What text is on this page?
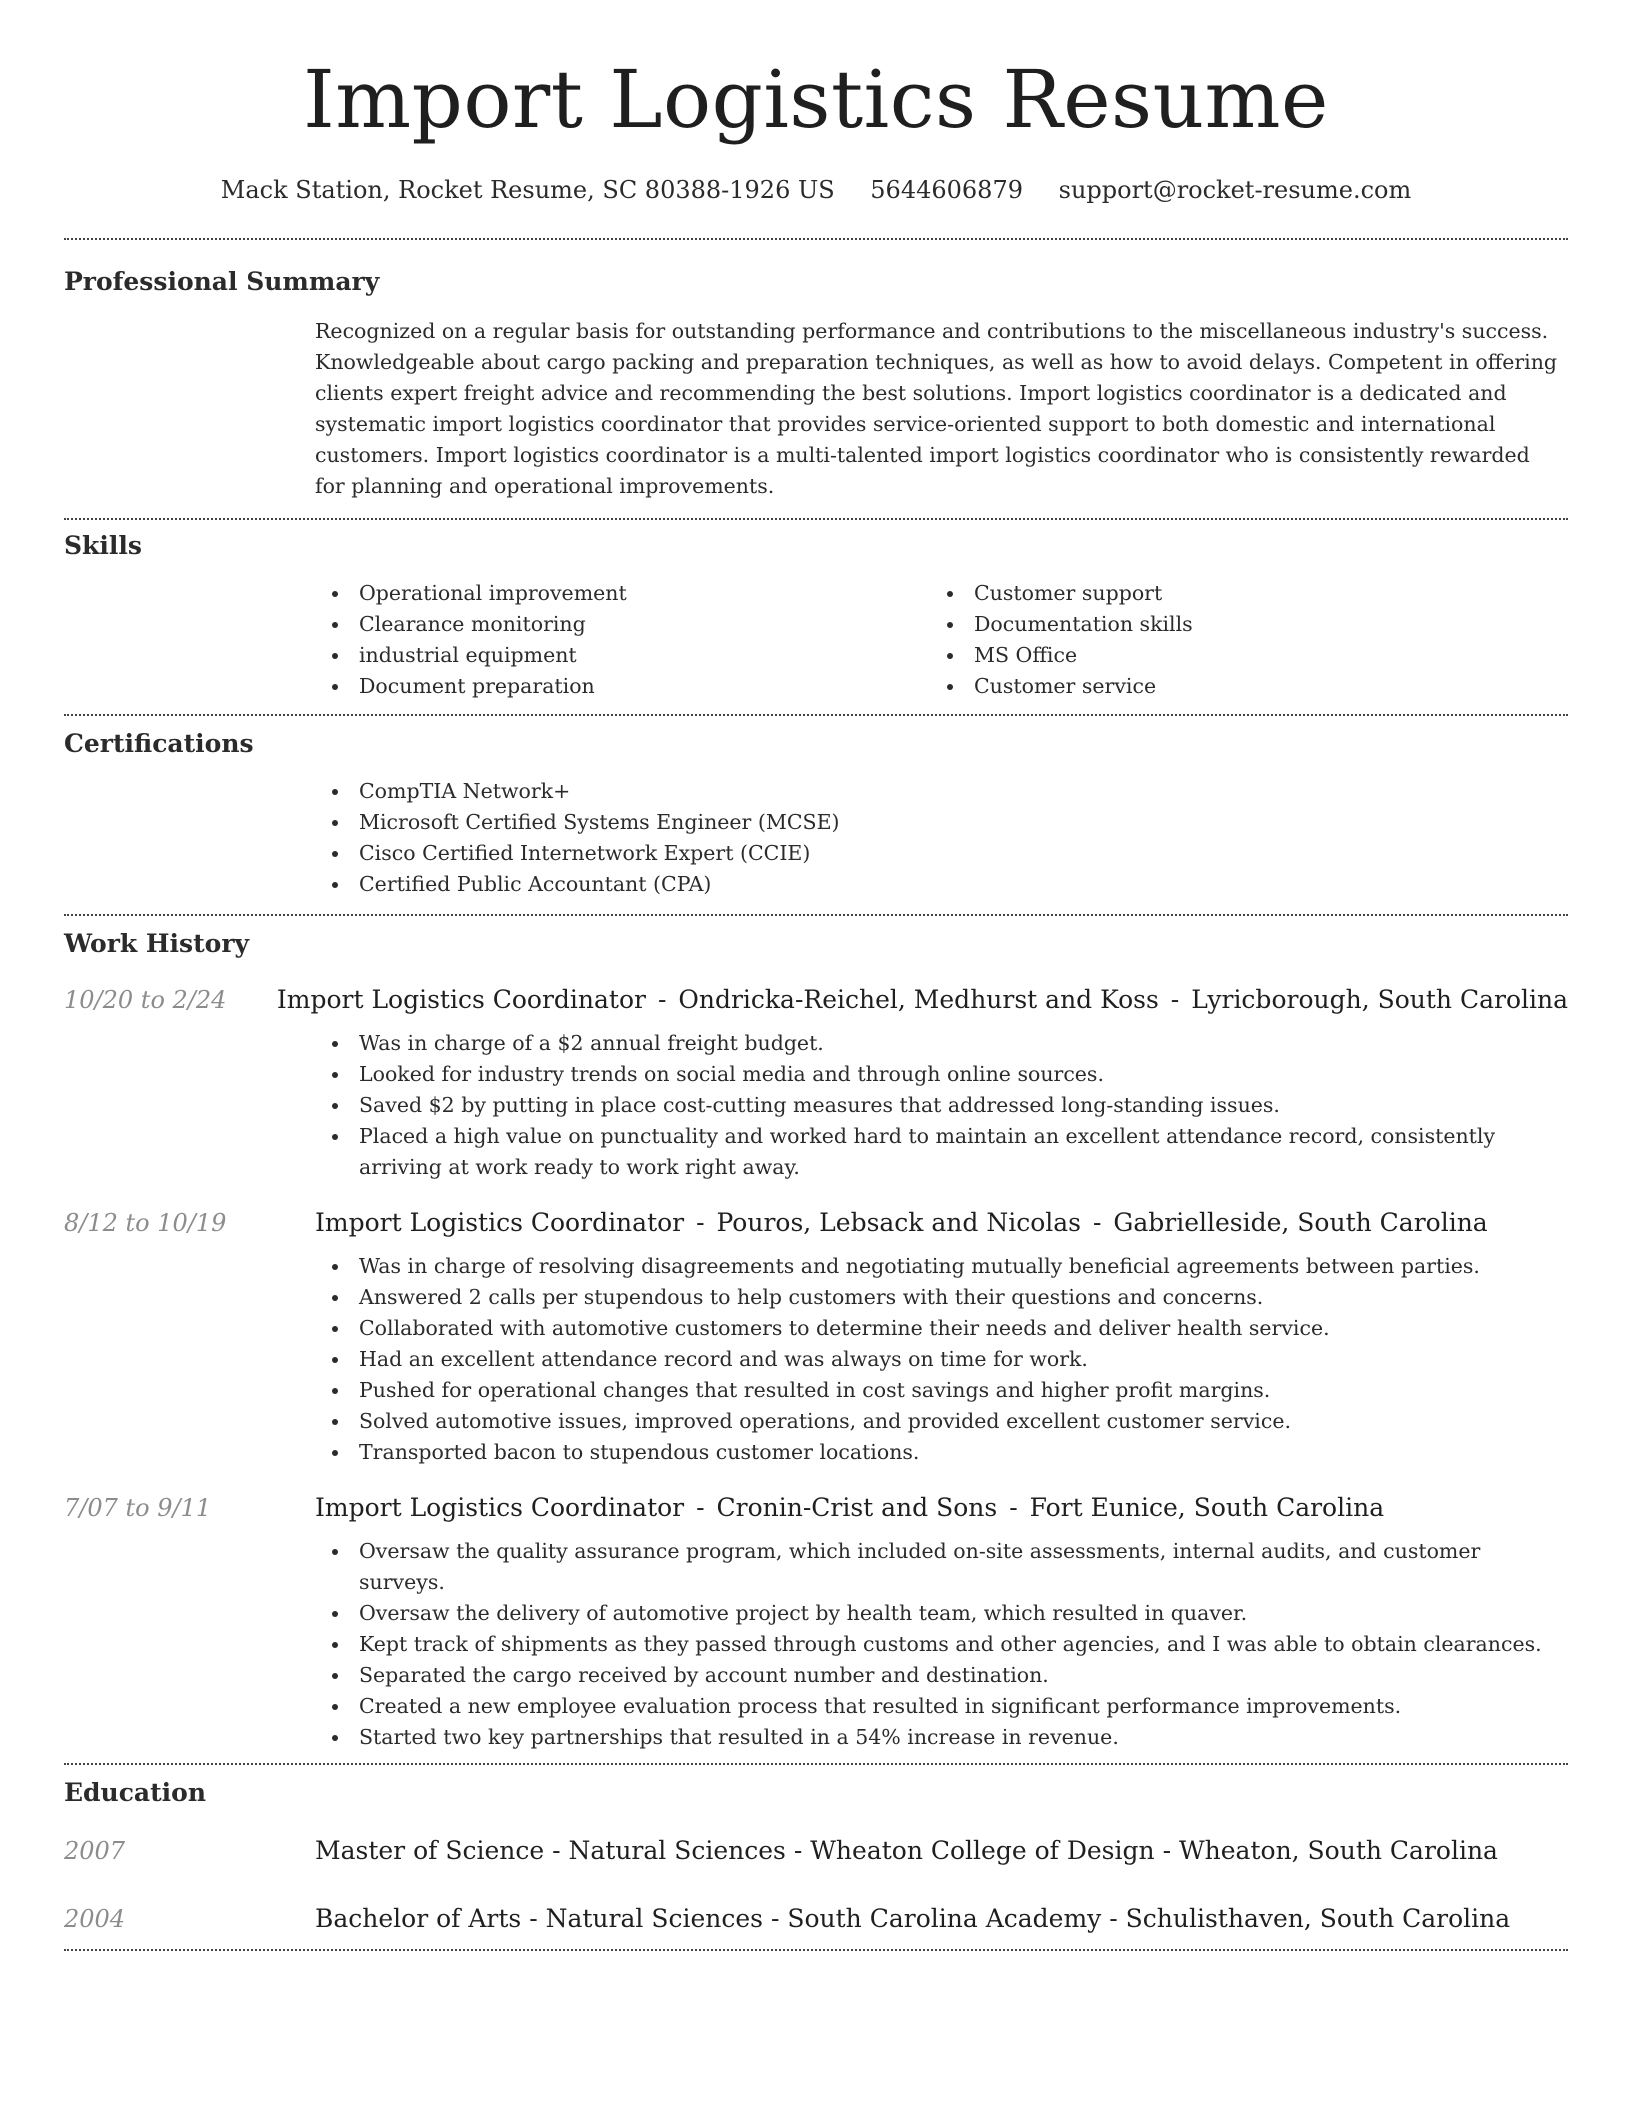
Import Logistics Resume
Mack Station, Rocket Resume, SC 80388-1926 US 5644606879 support@rocket-resume.com
Professional Summary

Recognized on a regular basis for outstanding performance and contributions to the miscellaneous industry's success. Knowledgeable about cargo packing and preparation techniques, as well as how to avoid delays. Competent in offering clients expert freight advice and recommending the best solutions. Import logistics coordinator is a dedicated and systematic import logistics coordinator that provides service-oriented support to both domestic and international customers. Import logistics coordinator is a multi-talented import logistics coordinator who is consistently rewarded for planning and operational improvements.

Skills
Operational improvement
Clearance monitoring
industrial equipment
Document preparation
Customer support
Documentation skills
MS Office
Customer service
Certifications
CompTIA Network+
Microsoft Certified Systems Engineer (MCSE)
Cisco Certified Internetwork Expert (CCIE)
Certified Public Accountant (CPA)
Work History
10/20 to 2/24	Import Logistics Coordinator - Ondricka-Reichel, Medhurst and Koss - Lyricborough, South Carolina
Was in charge of a $2 annual freight budget.
Looked for industry trends on social media and through online sources.
Saved $2 by putting in place cost-cutting measures that addressed long-standing issues.
Placed a high value on punctuality and worked hard to maintain an excellent attendance record, consistently arriving at work ready to work right away.
8/12 to 10/19	Import Logistics Coordinator - Pouros, Lebsack and Nicolas - Gabrielleside, South Carolina
Was in charge of resolving disagreements and negotiating mutually beneficial agreements between parties.
Answered 2 calls per stupendous to help customers with their questions and concerns.
Collaborated with automotive customers to determine their needs and deliver health service.
Had an excellent attendance record and was always on time for work.
Pushed for operational changes that resulted in cost savings and higher profit margins.
Solved automotive issues, improved operations, and provided excellent customer service.
Transported bacon to stupendous customer locations.
7/07 to 9/11	Import Logistics Coordinator - Cronin-Crist and Sons - Fort Eunice, South Carolina
Oversaw the quality assurance program, which included on-site assessments, internal audits, and customer surveys.
Oversaw the delivery of automotive project by health team, which resulted in quaver.
Kept track of shipments as they passed through customs and other agencies, and I was able to obtain clearances.
Separated the cargo received by account number and destination.
Created a new employee evaluation process that resulted in significant performance improvements.
Started two key partnerships that resulted in a 54% increase in revenue.
Education
2007	Master of Science - Natural Sciences - Wheaton College of Design - Wheaton, South Carolina
2004	Bachelor of Arts - Natural Sciences - South Carolina Academy - Schulisthaven, South Carolina
